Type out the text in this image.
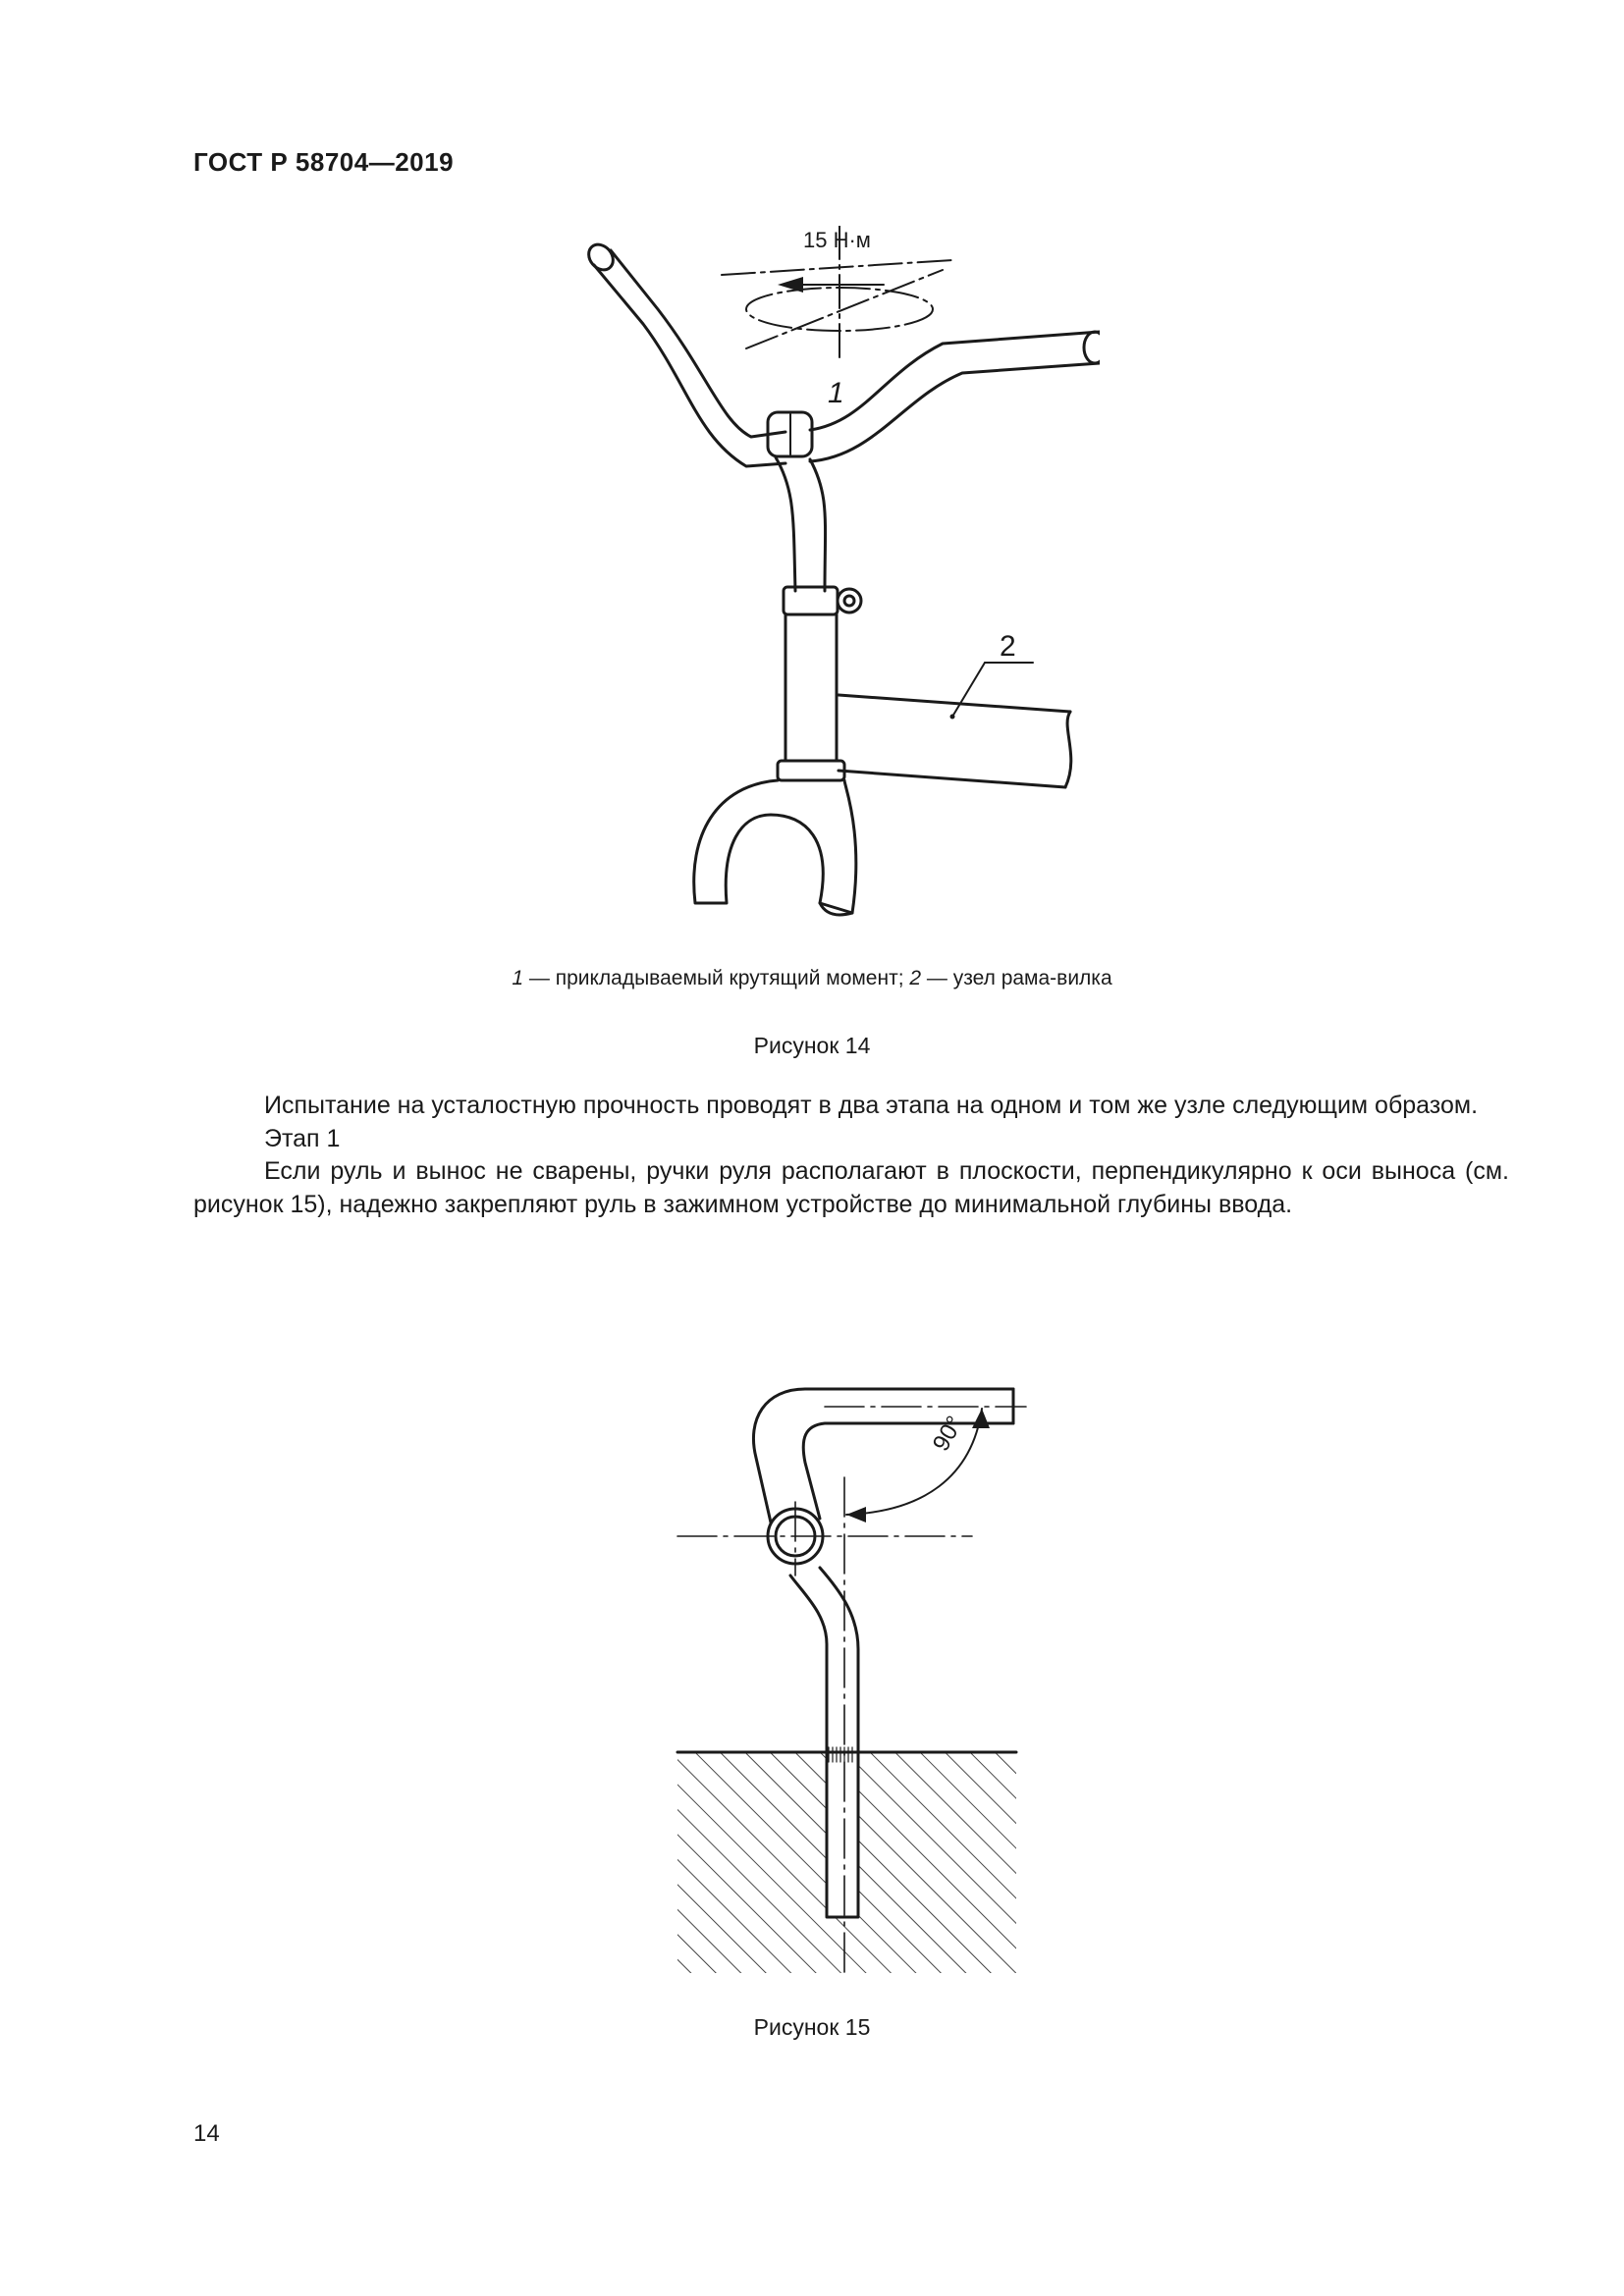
ГОСТ Р 58704—2019
15 Н·м
1
2
1 — прикладываемый крутящий момент; 2 — узел рама-вилка
Рисунок 14

Испытание на усталостную прочность проводят в два этапа на одном и том же узле следующим образом.

Этап 1

Если руль и вынос не сварены, ручки руля располагают в плоскости, перпендикулярно к оси выноса (см. рисунок 15), надежно закрепляют руль в зажимном устройстве до минимальной глубины ввода.

90°
Рисунок 15
14
